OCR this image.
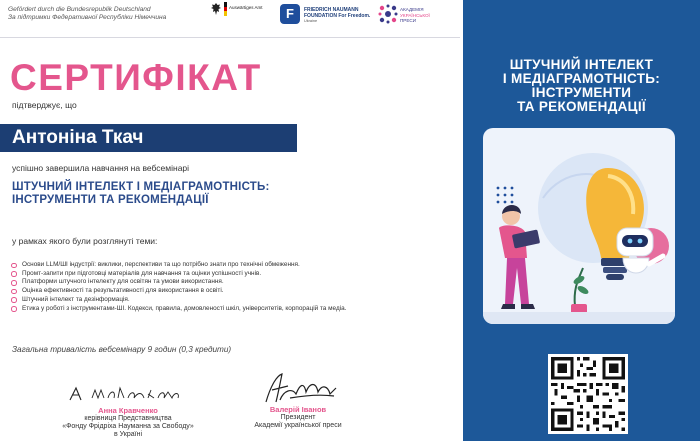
Gefördert durch die Bundesrepublik Deutschland
За підтримки Федеративної Республіки Німеччина
Auswärtiges Amt	F	FRIEDRICH NAUMANN
FOUNDATION For Freedom.
Ukraine
АКАДЕМІЯ
УКРАЇНСЬКОЇ
ПРЕСИ
СЕРТИФІКАТ
підтверджує, що
Антоніна Ткач
успішно завершила навчання на вебсемінарі
ШТУЧНИЙ ІНТЕЛЕКТ І МЕДІАГРАМОТНІСТЬ:
ІНСТРУМЕНТИ ТА РЕКОМЕНДАЦІЇ
у рамках якого були розглянуті теми:
Основи LLM/ШІ індустрії: виклики, перспективи та що потрібно знати про технічні обмеження.
Промт-запити при підготовці матеріалів для навчання та оцінки успішності учнів.
Платформи штучного інтелекту для освітян та умови використання.
Оцінка ефективності та результативності для використання в освіті.
Штучний інтелект та дезінформація.
Етика у роботі з інструментами-ШІ. Кодекси, правила, домовленості шкіл, університетів, корпорацій та медіа.
Загальна тривалість вебсемінару 9 годин (0,3 кредити)
Анна Кравченко
керівниця Представництва
«Фонду Фрідріха Науманна за Свободу»
в Україні
Валерій Іванов
Президент
Академії української преси
ШТУЧНИЙ ІНТЕЛЕКТ
І МЕДІАГРАМОТНІСТЬ:
ІНСТРУМЕНТИ
ТА РЕКОМЕНДАЦІЇ
